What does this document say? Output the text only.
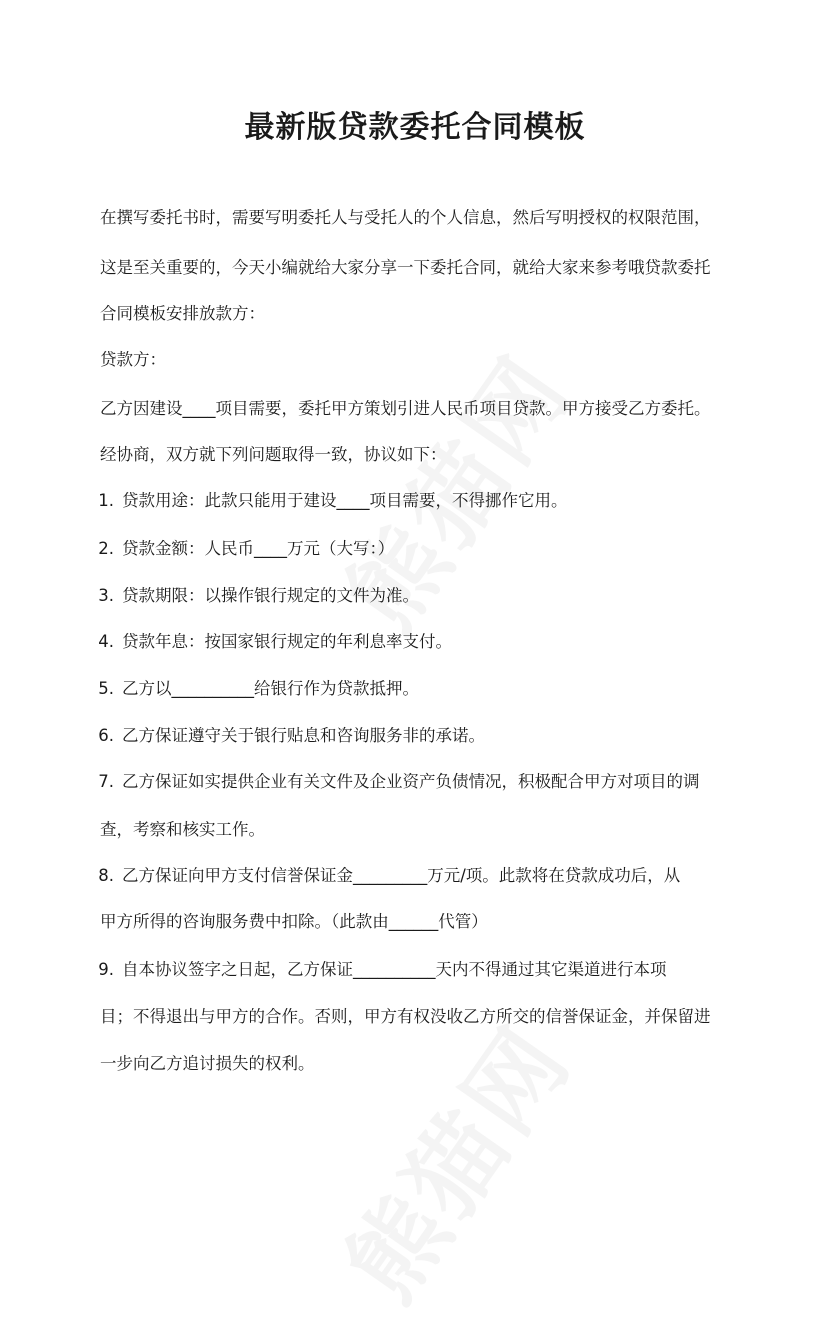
最新版贷款委托合同模板

在撰写委托书时，需要写明委托人与受托人的个人信息，然后写明授权的权限范围，

这是至关重要的，今天小编就给大家分享一下委托合同，就给大家来参考哦贷款委托

合同模板安排放款方：

贷款方：

乙方因建设____项目需要，委托甲方策划引进人民币项目贷款。甲方接受乙方委托。

经协商，双方就下列问题取得一致，协议如下：

1. 贷款用途：此款只能用于建设____项目需要，不得挪作它用。

2. 贷款金额：人民币____万元（大写：）

3. 贷款期限：以操作银行规定的文件为准。

4. 贷款年息：按国家银行规定的年利息率支付。

5. 乙方以__________给银行作为贷款抵押。

6. 乙方保证遵守关于银行贴息和咨询服务非的承诺。

7. 乙方保证如实提供企业有关文件及企业资产负债情况，积极配合甲方对项目的调

查，考察和核实工作。

8. 乙方保证向甲方支付信誉保证金_________万元/项。此款将在贷款成功后，从

甲方所得的咨询服务费中扣除。（此款由______代管）

9. 自本协议签字之日起，乙方保证__________天内不得通过其它渠道进行本项

目；不得退出与甲方的合作。否则，甲方有权没收乙方所交的信誉保证金，并保留进

一步向乙方追讨损失的权利。
